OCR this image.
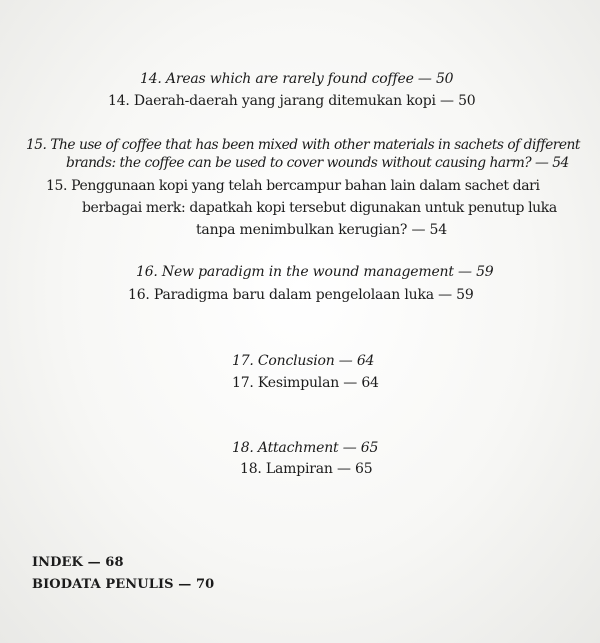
14. Areas which are rarely found coffee — 50
14. Daerah-daerah yang jarang ditemukan kopi — 50
15. The use of coffee that has been mixed with other materials in sachets of different
brands: the coffee can be used to cover wounds without causing harm? — 54
15. Penggunaan kopi yang telah bercampur bahan lain dalam sachet dari
berbagai merk: dapatkah kopi tersebut digunakan untuk penutup luka
tanpa menimbulkan kerugian? — 54
16. New paradigm in the wound management — 59
16. Paradigma baru dalam pengelolaan luka — 59
17. Conclusion — 64
17. Kesimpulan — 64
18. Attachment — 65
18. Lampiran — 65
INDEK — 68
BIODATA PENULIS — 70
